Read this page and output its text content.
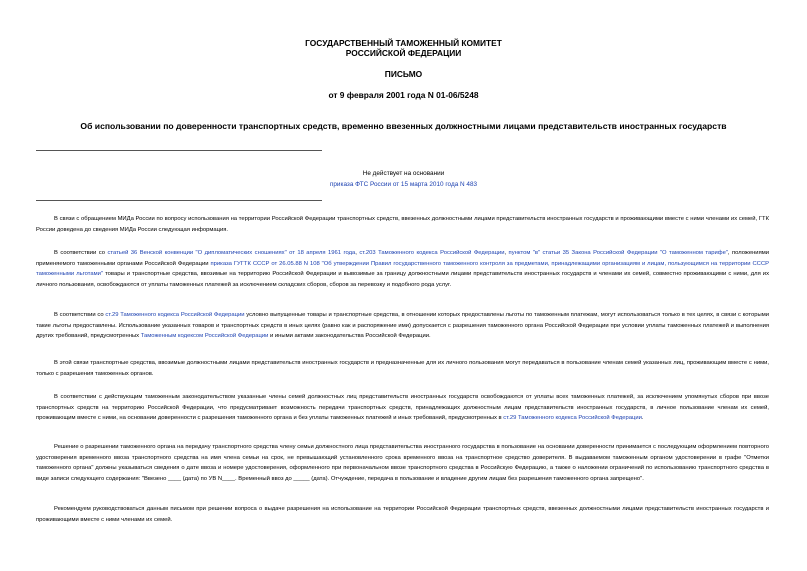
ГОСУДАРСТВЕННЫЙ ТАМОЖЕННЫЙ КОМИТЕТ

РОССИЙСКОЙ ФЕДЕРАЦИИ

ПИСЬМО

от 9 февраля 2001 года N 01-06/5248

Об использовании по доверенности транспортных средств, временно ввезенных должностными лицами представительств иностранных государств

Не действует на основании
приказа ФТС России от 15 марта 2010 года N 483

В связи с обращением МИДа России по вопросу использования на территории Российской Федерации транспортных средств, ввезенных должностными лицами представительств иностранных государств и проживающими вместе с ними членами их семей, ГТК России доведена до сведения МИДа России следующая информация.

В соответствии со статьей 36 Венской конвенции "О дипломатических сношениях" от 18 апреля 1961 года, ст.203 Таможенного кодекса Российской Федерации, пунктом "в" статьи 35 Закона Российской Федерации "О таможенном тарифе", положениями применяемого таможенными органами Российской Федерации приказа ГУГТК СССР от 26.05.88 N 108 "Об утверждении Правил государственного таможенного контроля за предметами, принадлежащими организациям и лицам, пользующимся на территории СССР таможенными льготами" товары и транспортные средства, ввозимые на территорию Российской Федерации и вывозимые за границу должностными лицами представительств иностранных государств и членами их семей, совместно проживающими с ними, для их личного пользования, освобождаются от уплаты таможенных платежей за исключением складских сборов, сборов за перевозку и подобного рода услуг.

В соответствии со ст.29 Таможенного кодекса Российской Федерации условно выпущенные товары и транспортные средства, в отношении которых предоставлены льготы по таможенным платежам, могут использоваться только в тех целях, в связи с которыми такие льготы предоставлены. Использование указанных товаров и транспортных средств в иных целях (равно как и распоряжение ими) допускается с разрешения таможенного органа Российской Федерации при условии уплаты таможенных платежей и выполнения других требований, предусмотренных Таможенным кодексом Российской Федерации и иными актами законодательства Российской Федерации.

В этой связи транспортные средства, ввозимые должностными лицами представительств иностранных государств и предназначенные для их личного пользования могут передаваться в пользование членам семей указанных лиц, проживающим вместе с ними, только с разрешения таможенных органов.

В соответствии с действующим таможенным законодательством указанные члены семей должностных лиц представительств иностранных государств освобождаются от уплаты всех таможенных платежей, за исключением упомянутых сборов при ввозе транспортных средств на территорию Российской Федерации, что предусматривает возможность передачи транспортных средств, принадлежащих должностным лицам представительств иностранных государств, в личное пользование членам их семей, проживающим вместе с ними, на основании доверенности с разрешения таможенного органа и без уплаты таможенных платежей и иных требований, предусмотренных в ст.29 Таможенного кодекса Российской Федерации.

Решение о разрешении таможенного органа на передачу транспортного средства члену семьи должностного лица представительства иностранного государства в пользование на основании доверенности принимается с последующим оформлением повторного удостоверения временного ввоза транспортного средства на имя члена семьи на срок, не превышающий установленного срока временного ввоза на транспортное средство доверителя. В выдаваемом таможенным органом удостоверении в графе "Отметки таможенного органа" должны указываться сведения о дате ввоза и номере удостоверения, оформленного при первоначальном ввозе транспортного средства в Российскую Федерацию, а также о наложении ограничений по использованию транспортного средства в виде записи следующего содержания: "Ввезено ____ (дата) по УВ N____. Временный ввоз до _____ (дата). Отчуждение, передача в пользование и владение другим лицам без разрешения таможенного органа запрещено".

Рекомендуем руководствоваться данным письмом при решении вопроса о выдаче разрешения на использование на территории Российской Федерации транспортных средств, ввезенных должностными лицами представительств иностранных государств и проживающими вместе с ними членами их семей.
